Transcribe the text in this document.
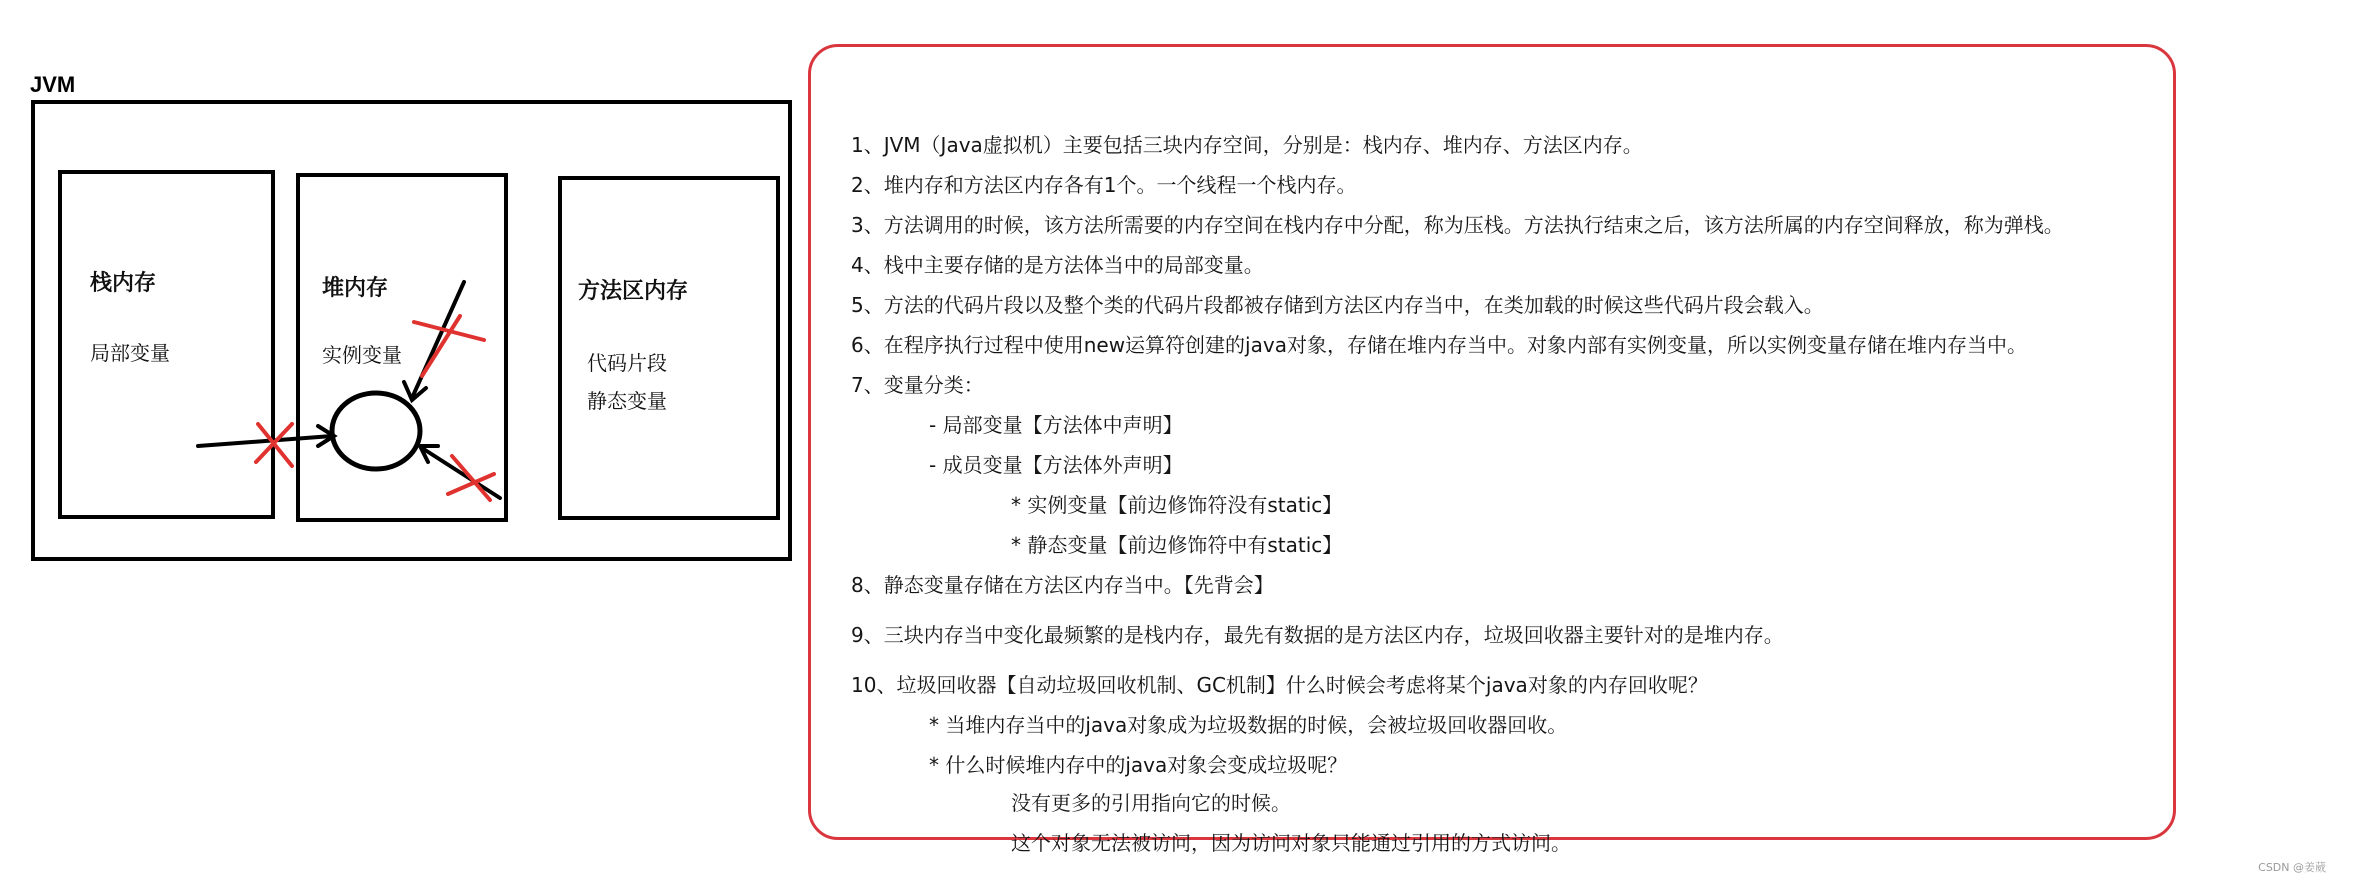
JVM
栈内存
局部变量
堆内存
实例变量
方法区内存
代码片段
静态变量
1、JVM（Java虚拟机）主要包括三块内存空间，分别是：栈内存、堆内存、方法区内存。
2、堆内存和方法区内存各有1个。一个线程一个栈内存。
3、方法调用的时候，该方法所需要的内存空间在栈内存中分配，称为压栈。方法执行结束之后，该方法所属的内存空间释放，称为弹栈。
4、栈中主要存储的是方法体当中的局部变量。
5、方法的代码片段以及整个类的代码片段都被存储到方法区内存当中，在类加载的时候这些代码片段会载入。
6、在程序执行过程中使用new运算符创建的java对象，存储在堆内存当中。对象内部有实例变量，所以实例变量存储在堆内存当中。
7、变量分类：
- 局部变量【方法体中声明】
- 成员变量【方法体外声明】
* 实例变量【前边修饰符没有static】
* 静态变量【前边修饰符中有static】
8、静态变量存储在方法区内存当中。【先背会】
9、三块内存当中变化最频繁的是栈内存，最先有数据的是方法区内存，垃圾回收器主要针对的是堆内存。
10、垃圾回收器【自动垃圾回收机制、GC机制】什么时候会考虑将某个java对象的内存回收呢？
* 当堆内存当中的java对象成为垃圾数据的时候，会被垃圾回收器回收。
* 什么时候堆内存中的java对象会变成垃圾呢？
没有更多的引用指向它的时候。
这个对象无法被访问，因为访问对象只能通过引用的方式访问。
CSDN @姜葳
